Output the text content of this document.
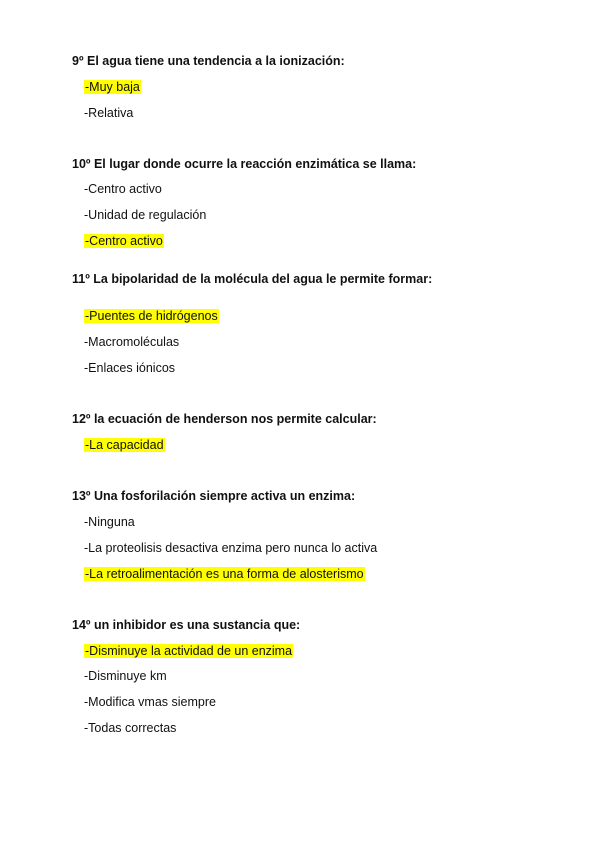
9º El agua tiene una tendencia a la ionización:
-Muy baja
-Relativa
10º El lugar donde ocurre la reacción enzimática se llama:
-Centro activo
-Unidad de regulación
-Centro activo
11º La bipolaridad de la molécula del agua le permite formar:
-Puentes de hidrógenos
-Macromoléculas
-Enlaces iónicos
12º la ecuación de henderson nos permite calcular:
-La capacidad
13º Una fosforilación siempre activa un enzima:
-Ninguna
-La proteolisis desactiva enzima pero nunca lo activa
-La retroalimentación es una forma de alosterismo
14º un inhibidor es una sustancia que:
-Disminuye la actividad de un enzima
-Disminuye km
-Modifica vmas siempre
-Todas correctas
